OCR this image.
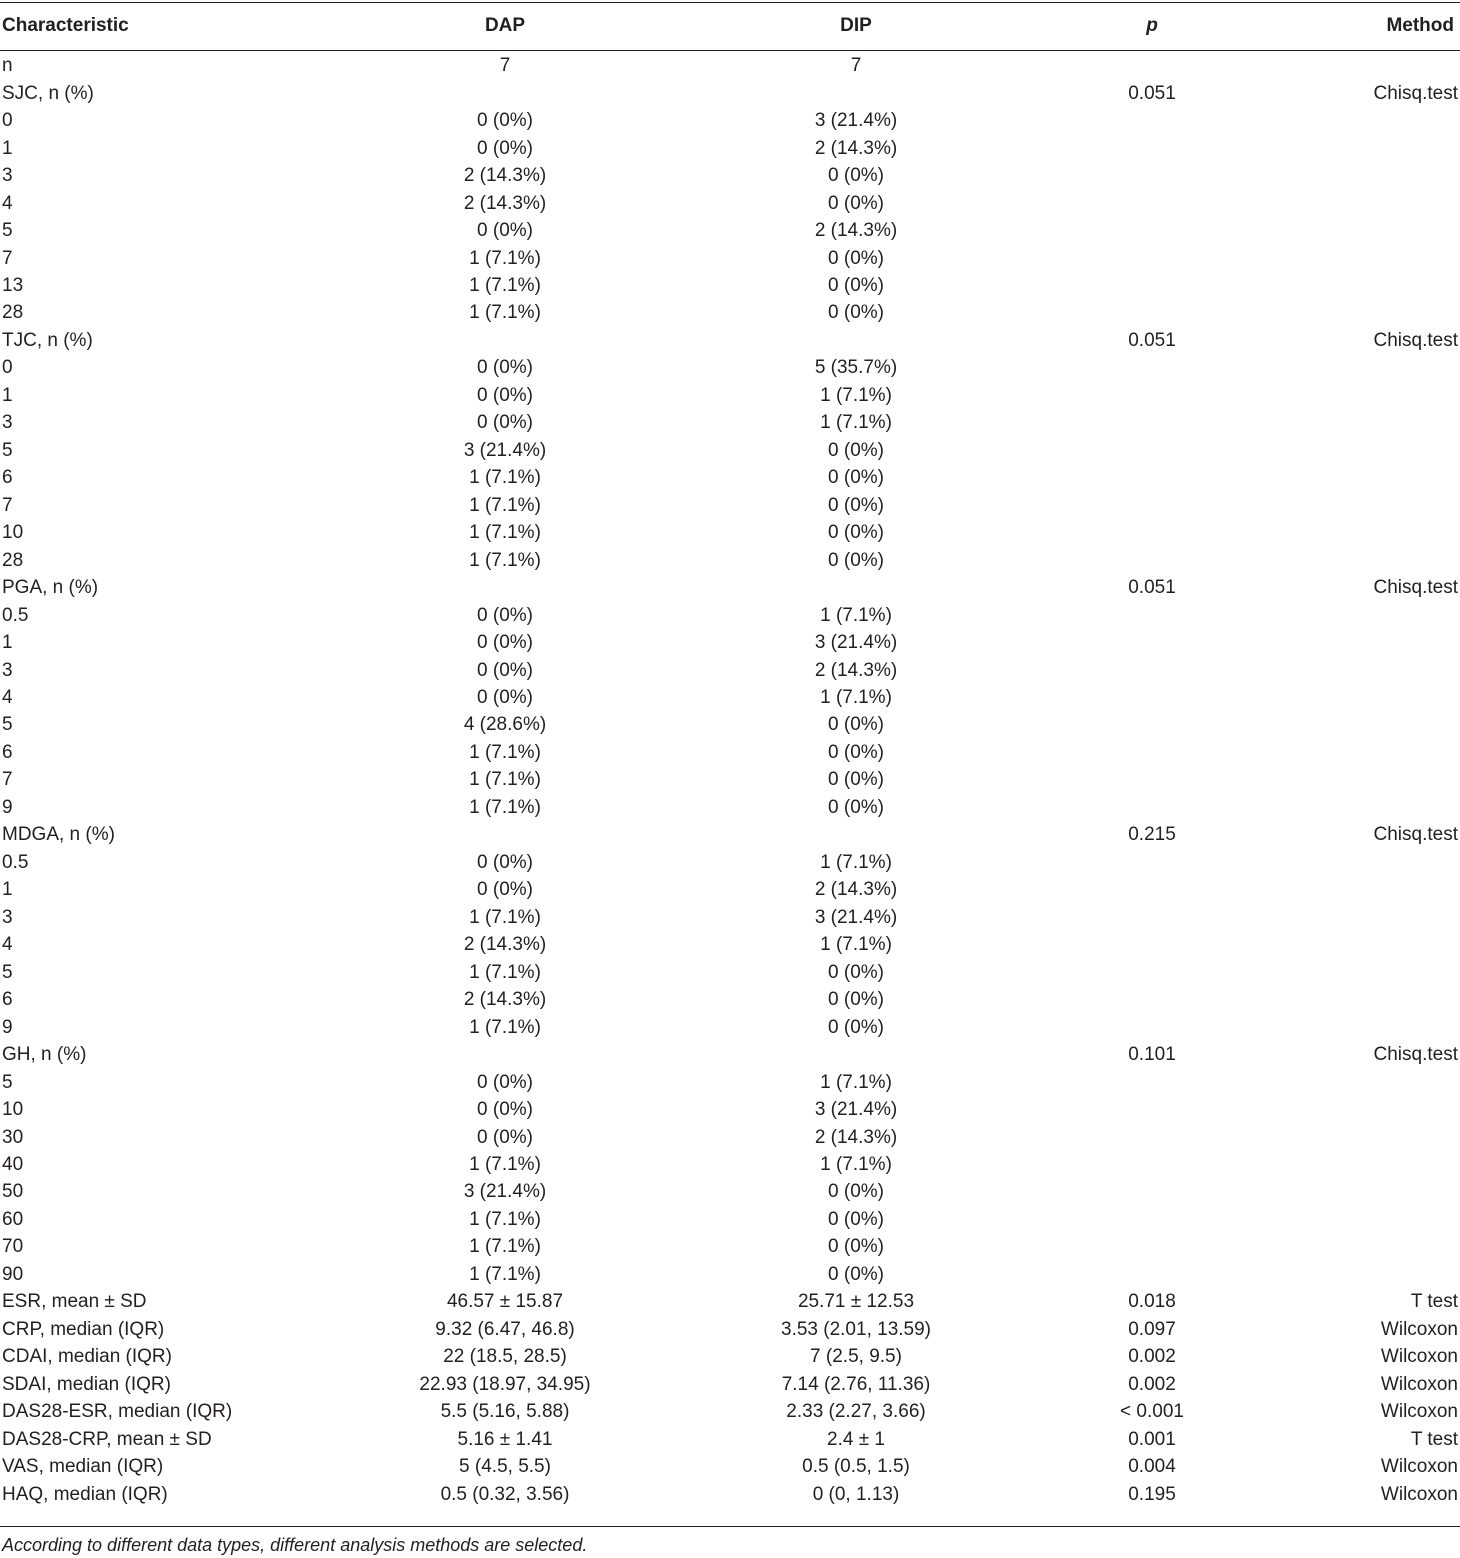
Characteristic	DAP	DIP	p	Method
n	7	7		
SJC, n (%)			0.051	Chisq.test
0	0 (0%)	3 (21.4%)		
1	0 (0%)	2 (14.3%)		
3	2 (14.3%)	0 (0%)		
4	2 (14.3%)	0 (0%)		
5	0 (0%)	2 (14.3%)		
7	1 (7.1%)	0 (0%)		
13	1 (7.1%)	0 (0%)		
28	1 (7.1%)	0 (0%)		
TJC, n (%)			0.051	Chisq.test
0	0 (0%)	5 (35.7%)		
1	0 (0%)	1 (7.1%)		
3	0 (0%)	1 (7.1%)		
5	3 (21.4%)	0 (0%)		
6	1 (7.1%)	0 (0%)		
7	1 (7.1%)	0 (0%)		
10	1 (7.1%)	0 (0%)		
28	1 (7.1%)	0 (0%)		
PGA, n (%)			0.051	Chisq.test
0.5	0 (0%)	1 (7.1%)		
1	0 (0%)	3 (21.4%)		
3	0 (0%)	2 (14.3%)		
4	0 (0%)	1 (7.1%)		
5	4 (28.6%)	0 (0%)		
6	1 (7.1%)	0 (0%)		
7	1 (7.1%)	0 (0%)		
9	1 (7.1%)	0 (0%)		
MDGA, n (%)			0.215	Chisq.test
0.5	0 (0%)	1 (7.1%)		
1	0 (0%)	2 (14.3%)		
3	1 (7.1%)	3 (21.4%)		
4	2 (14.3%)	1 (7.1%)		
5	1 (7.1%)	0 (0%)		
6	2 (14.3%)	0 (0%)		
9	1 (7.1%)	0 (0%)		
GH, n (%)			0.101	Chisq.test
5	0 (0%)	1 (7.1%)		
10	0 (0%)	3 (21.4%)		
30	0 (0%)	2 (14.3%)		
40	1 (7.1%)	1 (7.1%)		
50	3 (21.4%)	0 (0%)		
60	1 (7.1%)	0 (0%)		
70	1 (7.1%)	0 (0%)		
90	1 (7.1%)	0 (0%)		
ESR, mean ± SD	46.57 ± 15.87	25.71 ± 12.53	0.018	T test
CRP, median (IQR)	9.32 (6.47, 46.8)	3.53 (2.01, 13.59)	0.097	Wilcoxon
CDAI, median (IQR)	22 (18.5, 28.5)	7 (2.5, 9.5)	0.002	Wilcoxon
SDAI, median (IQR)	22.93 (18.97, 34.95)	7.14 (2.76, 11.36)	0.002	Wilcoxon
DAS28-ESR, median (IQR)	5.5 (5.16, 5.88)	2.33 (2.27, 3.66)	< 0.001	Wilcoxon
DAS28-CRP, mean ± SD	5.16 ± 1.41	2.4 ± 1	0.001	T test
VAS, median (IQR)	5 (4.5, 5.5)	0.5 (0.5, 1.5)	0.004	Wilcoxon
HAQ, median (IQR)	0.5 (0.32, 3.56)	0 (0, 1.13)	0.195	Wilcoxon
According to different data types, different analysis methods are selected.
